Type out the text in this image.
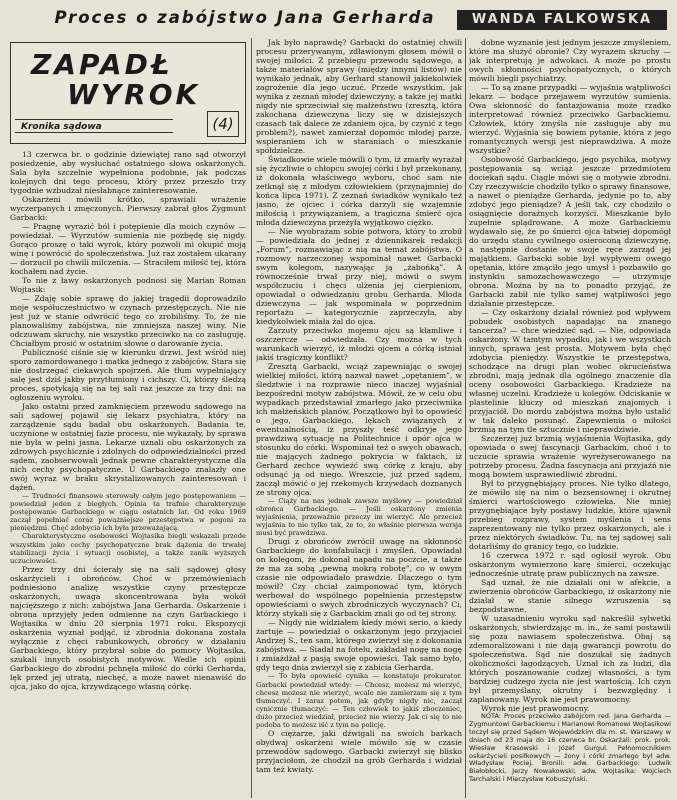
Proces o zabójstwo Jana Gerharda	WANDA FALKOWSKA
ZAPADŁ
WYROK
Kronika sądowa	(4)

13 czerwca br. o godzinie dziewiątej rano sąd otworzył posiedzenie, aby wysłuchać ostatniego słowa oskarżonych. Sala była szczelnie wypełniona podobnie, jak podczas kolejnych dni tego procesu, który przez przeszło trzy tygodnie wzbudzał niesłabnące zainteresowanie.

Oskarżeni mówili krótko, sprawiali wrażenie wyczerpanych i zmęczonych. Pierwszy zabrał głos Zygmunt Garbacki:

— Pragnę wyrazić ból i potępienie dla moich czynów — powiedział. — Wyrzutów sumienia nie pozbędę się nigdy. Gorąco proszę o taki wyrok, który pozwoli mi okupić moją winę i powrócić do społeczeństwa. Już raz zostałem ukarany — dorzucił po chwili milczenia. — Straciłem miłość tej, która kochałem nad życie.

To nie z ławy oskarżonych podnosi się Marian Roman Wojtasik:

— Zdaję sobie sprawę do jakiej tragedii doprowadziło moje współuczestnictwo w czynach przestępczych. Nie nie jest już w stanie odwrócić tego co zrobiliśmy. To, że nie planowaliśmy zabójstwa, nie zmniejsza naszej winy. Nie odczuwam skruchy, nie wszystko przeciwko na co zasługuję. Chciałbym prosić w ostatnim słowie o darowanie życia.

Publiczność ciśnie się w kierunku drzwi. Jest wśród niej sporo zamordowanego i matka jednego z zabójców. Stara się nie dostrzegać ciekawych spojrzeń. Ale tłum wypełniający salę jest dziś jakby przytłumiony i cichszy. Ci, którzy śledzą proces, spotykają się na tej sali raz jeszcze za trzy dni: na ogłoszeniu wyroku.

Jako ostatni przed zamknięciem przewodu sądowego na sali sądowej pojawił się lekarz psychiatra, który na zarządzenie sądu badał obu oskarżonych. Badania te, uczynione w ostatniej fazie procesu, nie wykazały, by sprawa nie była w pełni jasna. Lekarze uznali obu oskarżonych za zdrowych psychicznie i zdolnych do odpowiedzialności przed sądem, zaobserwowali jednak pewne charakterystyczne dla nich cechy psychopatyczne. U Garbackiego znalazły one swój wyraz w braku skrystalizowanych zainteresowań i dążeń.

— Trudności finansowe sterowały całym jego postępowaniem — powiedział jeden z biegłych. Opinia ta trafnie charakteryzuje postępowanie Garbackiego w ciągu ostatnich lat. Od roku 1969 zaczął popełniać coraz poważniejsze przestępstwa w pogoni za pieniędzmi. Chęć zdobycia ich była przeważającą.

Charakterystyczne osobowości Wojtasika biegli wskazali przede wszystkim jako cechy psychopatyczne brak dążenia do trwałej stabilizacji życia i sytuacji osobistej, a także zanik wyższych uczuciowości.

Przez trzy dni ścierały się na sali sądowej głosy oskarżycieli i obrońców. Choć w przemówieniach podniesiono analizę wszystkie czyny przestępcze oskarżonych, uwaga skoncentrowana była wokół najcięższego z nich: zabójstwa Jana Gerharda. Oskarżenie i obrona uprzyjęły jeden odmienne na czyn Garbackiego i Wojtasika w dniu 20 sierpnia 1971 roku. Ekspozycji oskarżenia wyznał podjąć, iż zbrodnia dokonana została wyłącznie z chęci rabunkowych, obrońcy w działaniu Garbackiego, który przybrał sobie do pomocy Wojtasika, szukali innych osobistych motywów. Wedle ich opinii Garbackiego do zbrodni pchnęła miłość do córki Gerharda, lęk przed jej utratą, niechęć, a może nawet nienawiść do ojca, jako do ojca, krzywdzącego własną córkę.

Jak było naprawdę? Garbacki do ostatniej chwili procesu przerywanym, zdławionym głosem mówił o swojej miłości. Z przebiegu przewodu sądowego, a także materiałów sprawy (między innymi listów) nie wynikało jednak, aby Gerhard stanowił jakiekolwiek zagrożenie dla jego uczuć. Przede wszystkim, jak wynika z zeznań młodej dziewczyny, a także jej matki nigdy nie sprzeciwiał się małżeństwu (zresztą, która zakochana dziewczyna liczy się w dzisiejszych czasach tak dalece ze zdaniem ojca, by czynić z tego problem?), nawet zamierzał dopomóc młodej parze, wspieraniem ich w staraniach o mieszkanie spółdzielcze.

Świadkowie wiele mówili o tym, iż zmarły wyrażał się życzliwie o chłopcu swojej córki i był przekonany, iż dokonała właściwego wyboru, choć sam nie zetknął się z młodym człowiekiem (przynajmniej do końca lipca 1971). Z zeznań świadków wynikało też jasno, że ojciec i córka darzyli się wzajemnie miłością i przywiązaniem, a tragiczna śmierć ojca młoda dziewczyna przeżyła wyjątkowo ciężko.

— Nie wyobrażam sobie potwora, który to zrobił — powiedziała do jednej z dziennikarek redakcji „Forum”, rozmawiając z nią na temat zabójstwa. O rozmowy narzeczonej wspominał nawet Garbacki swym kolegom, nazywając ją „żabońką”. A równocześnie trwał przy niej, mówił o swym współczuciu i chęci ulżenia jej cierpieniom, opowiadał o odwiedzaniu grobu Gerharda. Młoda dziewczyna — jak wspominała w poprzednim reportażu — kategorycznie zaprzeczyła, aby kiedykolwiek miała żal do ojca.

Zarzuty przeciwko mojemu ojcu są kłamliwe i oszczercze — odwiedzała. Czy można w tych warunkach wierzyć, iż młodzi ojcem a córką istniał jakiś tragiczny konflikt?

Zresztą Garbacki, wciąż zapewniając o swojej wielkiej miłości, którą nazwał nawet „opętaniem”, w śledztwie i na rozprawie nieco inaczej wyjaśniał bezpośredni motyw zabójstwa. Mówił, że w celu obu wypadkach przedstawiał zmarłego jako przeciwnika ich małżeńskich planów. Początkowo był to opowieść o jego, Garbackiego, lękach związanych z ewentualnością, iż przyszły teść odkryje jego prawdziwą sytuację na Politechnice i opór ojca w stosunku do córki. Wspominał też o swych obawach, nie mających żadnego pokrycia w faktach, iż Gerhard zechce wywieźć swą córkę z kraju, aby odsunąć ją od niego. Wreszcie, już przed sądem, zaczął mówić o jej rzekomych krzywdach doznanych ze strony ojca.

— Ciąży na nas jednak zawsze myślowy — powiedział obrońca Garbackiego. — Jeśli oskarżony zmienia wyjaśnienia, przeważnie przeczy im wierzyć. Ale przecież wyjaśnia to nie tylko tak, że to, że właśnie pierwsza wersja musi być prawdziwa.

Drugi z obrońców zwrócił uwagę na skłonność Garbackiego do konfabulacji i zmyśleń. Opowiadał on kolegom, że dokonał napadu na poczcie, a także że ma za sobą „pewną mokrą robotę”, co w owym czasie nie odpowiadało prawdzie. Dlaczego o tym mówił? Czy chciał zaimponować tym, których werbował do wspólnego popełnienia przestępstw opowieściami o swych zbrodniczych wyczynach? Ci, którzy stykali się z Garbackim znali go od tej strony.

— Nigdy nie widziałem kiedy mówi serio, a kiedy żartuje — powiedział o oskarżonym jego przyjaciel Andrzej S., ten sam, którego zwierzył się z dokonania zabójstwa. — Siadał na fotelu, zakładał nogę na nogę i zmiażdżał z pasją swoje opowieści. Tak samo było, gdy tego dnia zwierzył się z zabicia Gerharda.

— To była opowieść cynika — konstatuje prokurator. Garbacki powiedział wtedy: — Chcesz, możesz mi wierzyć, chcesz możesz nie wierzyć, wcale nie zamierzam się z tym tłumaczyć. I zaraz potem, jak gdyby nigdy nic, zaczął cynicznie tłumaczyć: — Ten człowiek to jakiś zboczeniec, dużo przecież wiedział, przecież nie wierzy. Jak ci się to nie podoba to możesz iść z tym na policję.

O ciężarze, jaki dźwigali na swoich barkach obydwaj oskarżeni wiele mówiło się w czasie przewodów sądowego. Garbacki zwierzył się blisko przyjaciołom, że chodził na grób Gerharda i widział tam też kwiaty.

dobne wyznanie jest jednym jeszcze zmyśleniem, które ma służyć obronie? Czy wyrazem skruchy — jak interpretują je adwokaci. A może po prostu owych skłonności psychopatycznych, o których mówili biegli psychiatrzy.

— To są znane przypadki — wyjaśnia wątpliwości lekarz — bodące przejawem wyrzutów sumienia. Owa skłonność do fantazjowania może rzadko interpretować również przeciwko Garbackiemu. Człowiek, który zmyśla nie zasługuje aby mu wierzyć. Wyjaśnia się bowiem pytanie, która z jego romantycznych wersji jest nieprawdziwa. A może wszystkie?

Osobowość Garbackiego, jego psychika, motywy postępowania są wciąż jeszcze przedmiotem dociekań sądu. Ciągle mówi się o motywie zbrodni. Czy rzeczywiście chodziło tylko o sprawy finansowe, a nawet o pieniądze Gerharda, jedynie po to, aby zdobyć jego pieniądze? A jeśli tak, czy chodziło o osiągnięcie doraźnych korzyści. Mieszkanie było zupełnie splądrowane. A może Garbackiemu wydawało się, że po śmierci ojca łatwiej dopomógł do urzędu stanu cywilnego osieroconą dziewczynę, a następnie dostanie w swoje ręce zarząd jej majątkiem. Garbacki sobie był wypływem owego opętania, które zmąciło jego umysł i pozbawiło go instynktu samozachowawczego — utrzymuje obrona. Można by na to ponadto przyjąć, że Garbacki zabił nie tylko samej wątpliwości jego działanie przestępcze.

— Czy oskarżony działał również pod wpływem pobudek osobistych napadając na znanego tancerza? — chce wiedzieć sąd. — Nie, odpowiada oskarżony. W tamtym wypadku, jak i we wszystkich innych, sprawa jest prosta. Motywem była chęć zdobycia pieniędzy. Wszystkie te przestępstwa, schodzące na drugi plan wobec okrucieństwa zbrodni, mają jednak dla ogólnego znaczenie dla oceny osobowości Garbackiego. Kradzieże na własnej uczelni. Kradzieże u kolegów. Odciskanie w plastelinie kluczy od mieszkań znajomych i przyjaciół. Do mordu zabójstwa można było ustalić w tak daleko posunąć. Zapewnienia o miłości brzmią na tym tle sztucznie i nieprawdziwie.

Szczerzej już brzmią wyjaśnienia Wojtasika, gdy opowiada o swej fascynacji Garbackim, choć i to uczucie sprawia wrażenie wyreżyserowanego na potrzeby procesu. Żadna fascynacja ani przyjaźń nie mogą bowiem usprawiedliwić zbrodni.

Był to przygnębiający proces. Nie tylko dlatego, że mówiło się na nim o bezsensownej i okrutnej śmierci wartościowego człowieka. Nie mniej przygnębiające były postawy ludzkie, które ujawnił przebieg rozprawy, system myślenia i sens zaprezentowany nie tylko przez oskarżonych, ale i przez niektórych świadków. Tu, na tej sądowej sali dotarliśmy do granicy tego, co ludzkie.

16 czerwca 1972 r. sąd ogłosił wyrok. Obu oskarżonym wymierzono karę śmierci, oczekując jednocześnie utratę praw publicznych na zawsze.

Sąd uznał, że nie działali oni w afekcie, a zwierzenia obrońców Garbackiego, iż oskarżony nie działał w stanie silnego wzruszenia są bezpodstawne.

W uzasadnieniu wyroku sąd nakreślił sylwetki oskarżonych, stwierdzając m. in., że sami postawili się poza nawiasem społeczeństwa. Obaj są zdemoralizowani i nie dają gwarancji powrotu do społeczeństwa. Sąd nie doszukał się żadnych okoliczności łagodzących. Uznał ich za ludzi, dla których poszanowanie cudzej własności, a tym bardziej cudzego życia nie jest wartością. Ich czyn był przemyślany, okrutny i bezwzględny i zaplanowany. Wyrok nie jest prawomocny.

Wyrok nie jest prawomocny.

NOTA: Proces przeciwko zabójcom red. Jana Gerharda — Zygmuntowi Garbackiemu i Marianowi Romanowi Wojtasikowi toczył się przed Sądem Wojewódzkim dla m. st. Warszawy w dniach od 23 maja do 16 czerwca br. Oskarżali: prok. prok. Wiesław Krasowski i Józef Gurgul. Pełnomocnikiem oskarżycieli posiłkowych — żony i córki zmarłego był adw. Władysław Pociej. Bronili: adw. Garbackiego: Ludwik Białobłocki, Jerzy Nowakowski; adw. Wojtasika: Wojciech Tarchalski i Mieczysław Kobuszyński.
